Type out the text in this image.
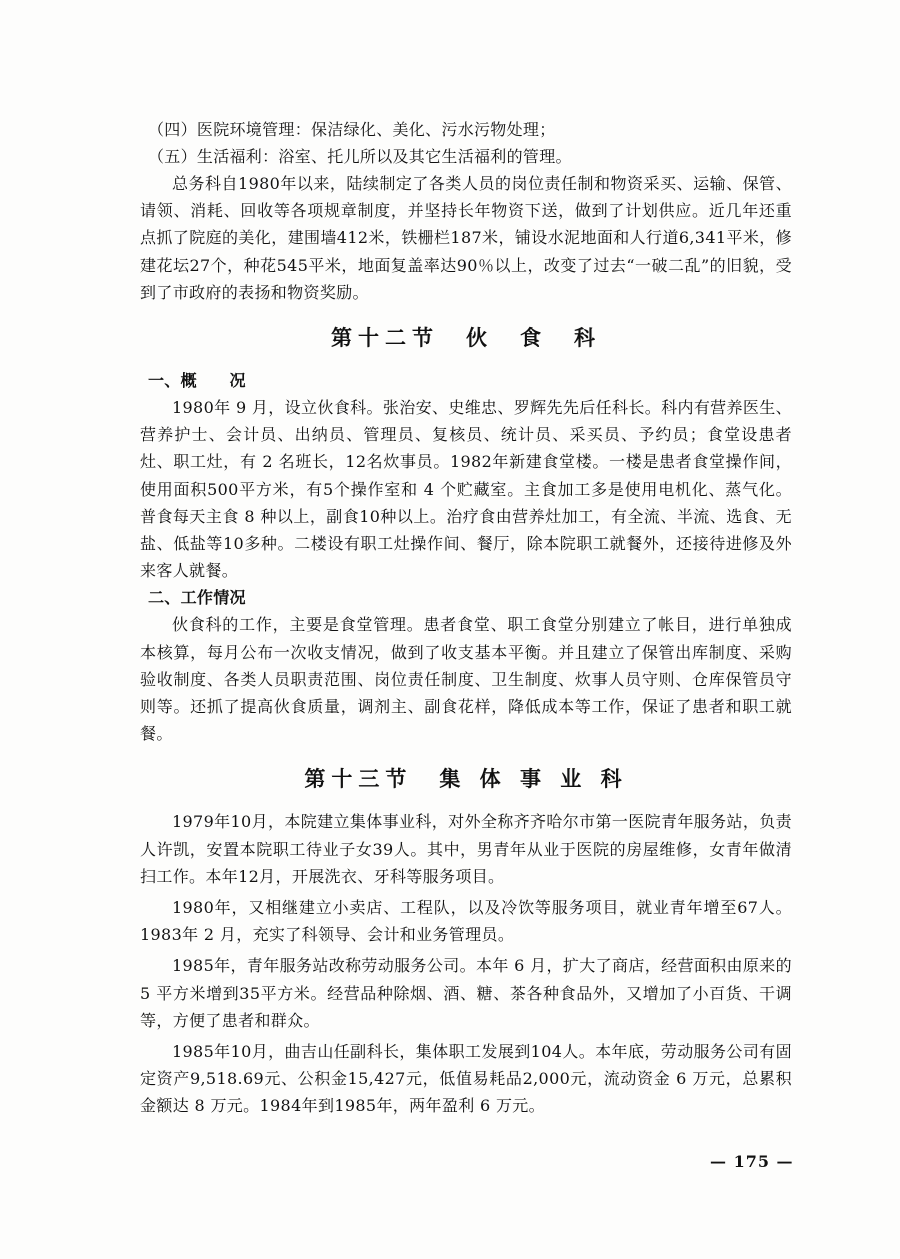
（四）医院环境管理：保洁绿化、美化、污水污物处理；

（五）生活福利：浴室、托儿所以及其它生活福利的管理。

总务科自1980年以来，陆续制定了各类人员的岗位责任制和物资采买、运输、保管、请领、消耗、回收等各项规章制度，并坚持长年物资下送，做到了计划供应。近几年还重点抓了院庭的美化，建围墙412米，铁栅栏187米，铺设水泥地面和人行道6,341平米，修建花坛27个，种花545平米，地面复盖率达90％以上，改变了过去“一破二乱”的旧貌，受到了市政府的表扬和物资奖励。

第十二节　伙　食　科

一、概　　况

1980年 9 月，设立伙食科。张治安、史维忠、罗辉先先后任科长。科内有营养医生、营养护士、会计员、出纳员、管理员、复核员、统计员、采买员、予约员；食堂设患者灶、职工灶，有 2 名班长，12名炊事员。1982年新建食堂楼。一楼是患者食堂操作间，使用面积500平方米，有5个操作室和 4 个贮藏室。主食加工多是使用电机化、蒸气化。普食每天主食 8 种以上，副食10种以上。治疗食由营养灶加工，有全流、半流、选食、无盐、低盐等10多种。二楼设有职工灶操作间、餐厅，除本院职工就餐外，还接待进修及外来客人就餐。

二、工作情况

伙食科的工作，主要是食堂管理。患者食堂、职工食堂分别建立了帐目，进行单独成本核算，每月公布一次收支情况，做到了收支基本平衡。并且建立了保管出库制度、采购验收制度、各类人员职责范围、岗位责任制度、卫生制度、炊事人员守则、仓库保管员守则等。还抓了提高伙食质量，调剂主、副食花样，降低成本等工作，保证了患者和职工就餐。

第十三节　集 体 事 业 科

1979年10月，本院建立集体事业科，对外全称齐齐哈尔市第一医院青年服务站，负责人许凯，安置本院职工待业子女39人。其中，男青年从业于医院的房屋维修，女青年做清扫工作。本年12月，开展洗衣、牙科等服务项目。

1980年，又相继建立小卖店、工程队，以及冷饮等服务项目，就业青年增至67人。1983年 2 月，充实了科领导、会计和业务管理员。

1985年，青年服务站改称劳动服务公司。本年 6 月，扩大了商店，经营面积由原来的 5 平方米增到35平方米。经营品种除烟、酒、糖、茶各种食品外，又增加了小百货、干调等，方便了患者和群众。

1985年10月，曲吉山任副科长，集体职工发展到104人。本年底，劳动服务公司有固定资产9,518.69元、公积金15,427元，低值易耗品2,000元，流动资金 6 万元，总累积金额达 8 万元。1984年到1985年，两年盈利 6 万元。

— 175 —
